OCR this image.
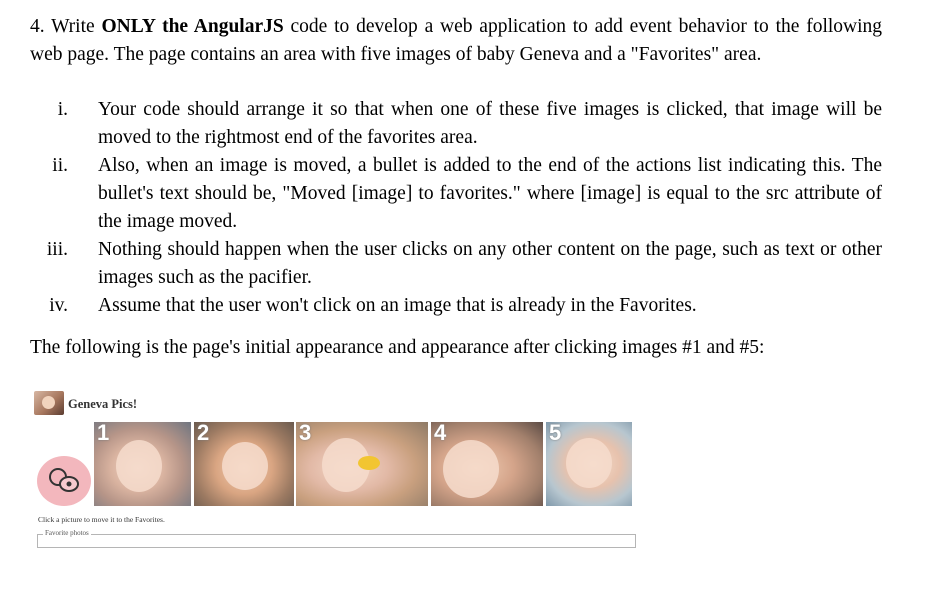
4. Write ONLY the AngularJS code to develop a web application to add event behavior to the following web page. The page contains an area with five images of baby Geneva and a "Favorites" area.

i. Your code should arrange it so that when one of these five images is clicked, that image will be moved to the rightmost end of the favorites area.
ii. Also, when an image is moved, a bullet is added to the end of the actions list indicating this. The bullet's text should be, "Moved [image] to favorites." where [image] is equal to the src attribute of the image moved.
iii. Nothing should happen when the user clicks on any other content on the page, such as text or other images such as the pacifier.
iv. Assume that the user won't click on an image that is already in the Favorites.
The following is the page's initial appearance and appearance after clicking images #1 and #5:
Geneva Pics!
1	2	3	4	5
Click a picture to move it to the Favorites.
Favorite photos
